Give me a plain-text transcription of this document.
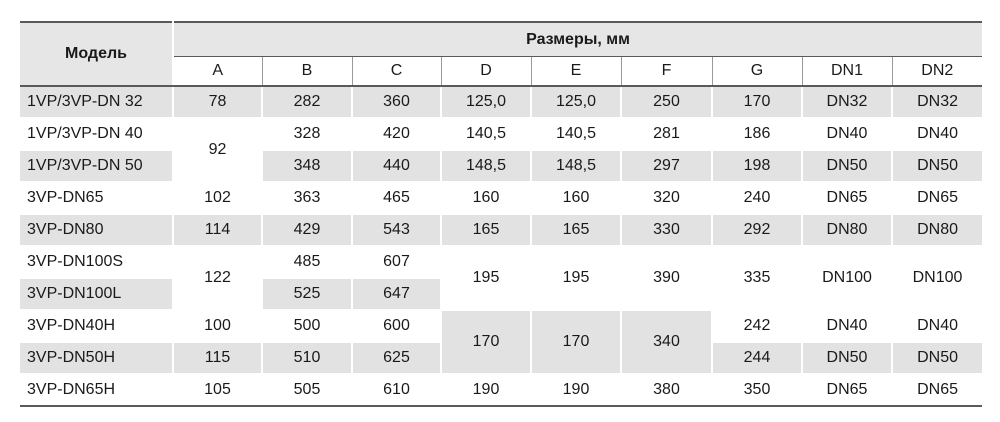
Модель	Размеры, мм								
	A	B	C	D	E	F	G	DN1	DN2
1VP/3VP-DN 32	78	282	360	125,0	125,0	250	170	DN32	DN32
1VP/3VP-DN 40	92	328	420	140,5	140,5	281	186	DN40	DN40
1VP/3VP-DN 50		348	440	148,5	148,5	297	198	DN50	DN50
3VP-DN65	102	363	465	160	160	320	240	DN65	DN65
3VP-DN80	114	429	543	165	165	330	292	DN80	DN80
3VP-DN100S	122	485	607	195	195	390	335	DN100	DN100
3VP-DN100L		525	647						
3VP-DN40H	100	500	600	170	170	340	242	DN40	DN40
3VP-DN50H	115	510	625				244	DN50	DN50
3VP-DN65H	105	505	610	190	190	380	350	DN65	DN65
